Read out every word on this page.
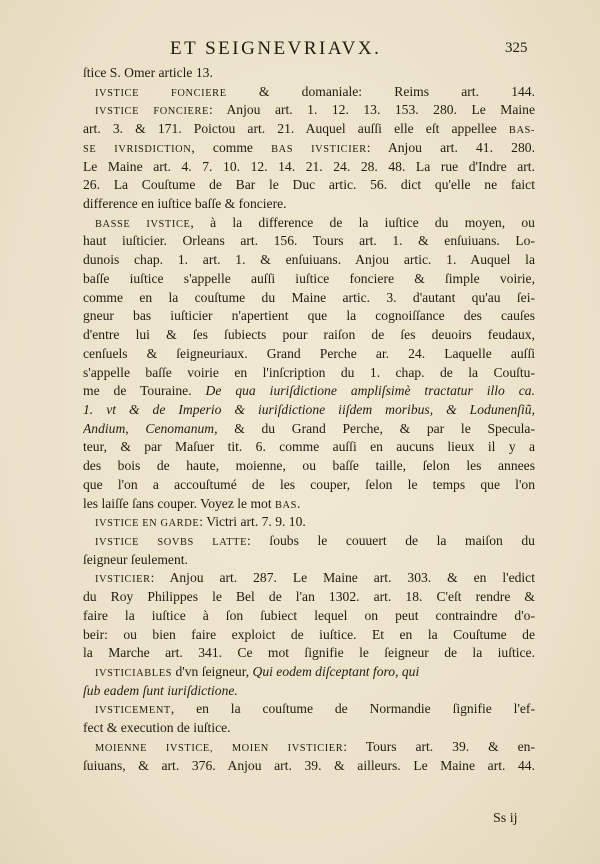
ET SEIGNEVRIAVX.	325
ſtice S. Omer article 13.
IVSTICE FONCIERE & domaniale: Reims art. 144.
IVSTICE FONCIERE: Anjou art. 1. 12. 13. 153. 280. Le Maine
art. 3. & 171. Poictou art. 21. Auquel auſſi elle eſt appellee BAS-
SE IVRISDICTION, comme BAS IVSTICIER: Anjou art. 41. 280.
Le Maine art. 4. 7. 10. 12. 14. 21. 24. 28. 48. La rue d'Indre art.
26. La Couſtume de Bar le Duc artic. 56. dict qu'elle ne faict
difference en iuſtice baſſe & fonciere.
BASSE IVSTICE, à la difference de la iuſtice du moyen, ou
haut iuſticier. Orleans art. 156. Tours art. 1. & enſuiuans. Lo-
dunois chap. 1. art. 1. & enſuiuans. Anjou artic. 1. Auquel la
baſſe iuſtice s'appelle auſſi iuſtice fonciere & ſimple voirie,
comme en la couſtume du Maine artic. 3. d'autant qu'au ſei-
gneur bas iuſticier n'apertient que la cognoiſſance des cauſes
d'entre lui & ſes ſubiects pour raiſon de ſes deuoirs feudaux,
cenſuels & ſeigneuriaux. Grand Perche ar. 24. Laquelle auſſi
s'appelle baſſe voirie en l'inſcription du 1. chap. de la Couſtu-
me de Touraine. De qua iuriſdictione ampliſsimè tractatur illo ca.
1. vt & de Imperio & iuriſdictione iiſdem moribus, & Lodunenſiũ,
Andium, Cenomanum, & du Grand Perche, & par le Specula-
teur, & par Maſuer tit. 6. comme auſſi en aucuns lieux il y a
des bois de haute, moienne, ou baſſe taille, ſelon les annees
que l'on a accouſtumé de les couper, ſelon le temps que l'on
les laiſſe ſans couper. Voyez le mot BAS.
IVSTICE EN GARDE: Victri art. 7. 9. 10.
IVSTICE SOVBS LATTE: ſoubs le couuert de la maiſon du
ſeigneur ſeulement.
IVSTICIER: Anjou art. 287. Le Maine art. 303. & en l'edict
du Roy Philippes le Bel de l'an 1302. art. 18. C'eſt rendre &
faire la iuſtice à ſon ſubiect lequel on peut contraindre d'o-
beir: ou bien faire exploict de iuſtice. Et en la Couſtume de
la Marche art. 341. Ce mot ſignifie le ſeigneur de la iuſtice.
IVSTICIABLES d'vn ſeigneur, Qui eodem diſceptant foro, qui
ſub eadem ſunt iuriſdictione.
IVSTICEMENT, en la couſtume de Normandie ſignifie l'ef-
fect & execution de iuſtice.
MOIENNE IVSTICE, MOIEN IVSTICIER: Tours art. 39. & en-
ſuiuans, & art. 376. Anjou art. 39. & ailleurs. Le Maine art. 44.
Ss ij
